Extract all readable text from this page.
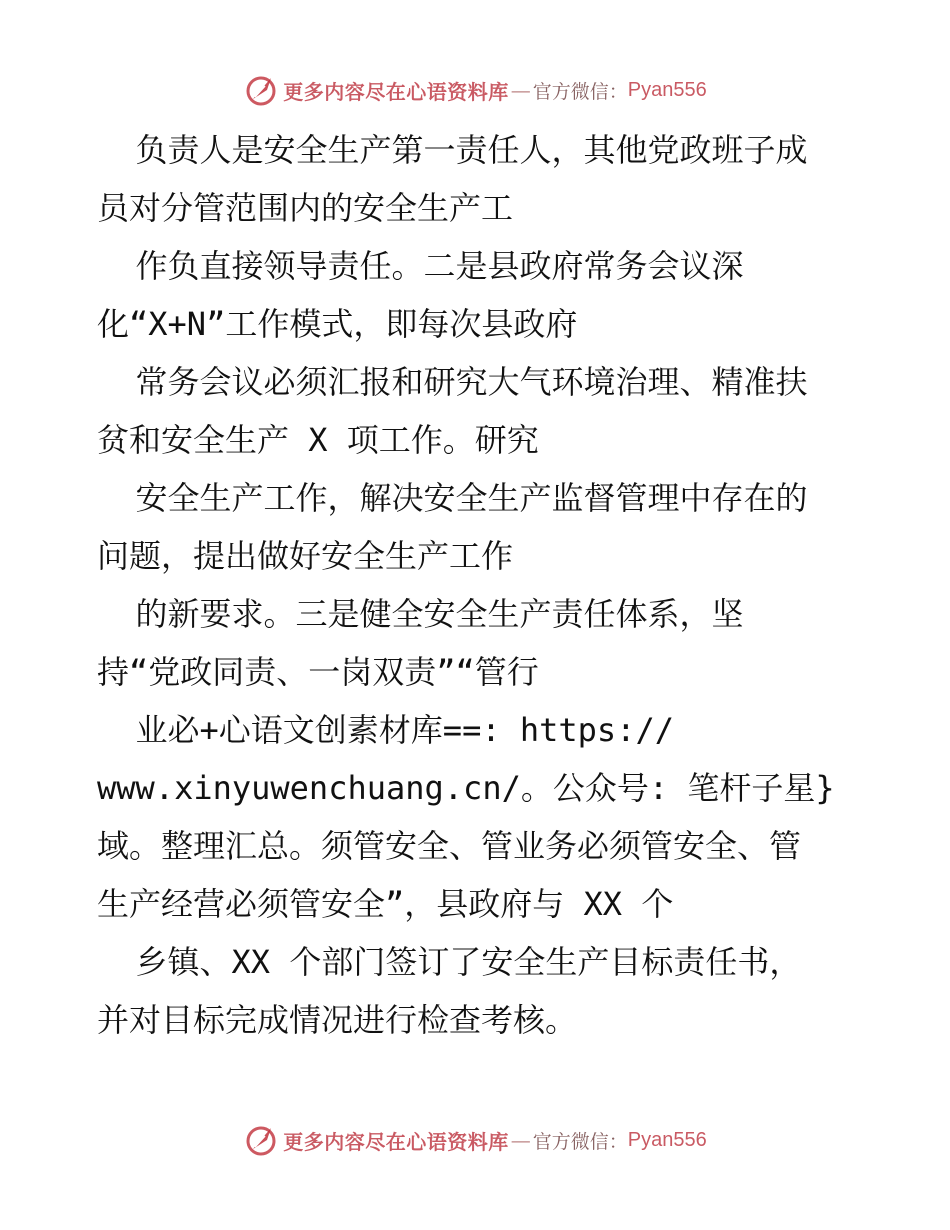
更多内容尽在心语资料库 — 官方微信： Pyan556
负责人是安全生产第一责任人，其他党政班子成
员对分管范围内的安全生产工
作负直接领导责任。二是县政府常务会议深
化“X+N”工作模式，即每次县政府
常务会议必须汇报和研究大气环境治理、精准扶
贫和安全生产 X 项工作。研究
安全生产工作，解决安全生产监督管理中存在的
问题，提出做好安全生产工作
的新要求。三是健全安全生产责任体系，坚
持“党政同责、一岗双责”“管行
业必+心语文创素材库==: https://
www.xinyuwenchuang.cn/。公众号: 笔杆子星}
域。整理汇总。须管安全、管业务必须管安全、管
生产经营必须管安全”，县政府与 XX 个
乡镇、XX 个部门签订了安全生产目标责任书，
并对目标完成情况进行检查考核。
更多内容尽在心语资料库 — 官方微信： Pyan556
